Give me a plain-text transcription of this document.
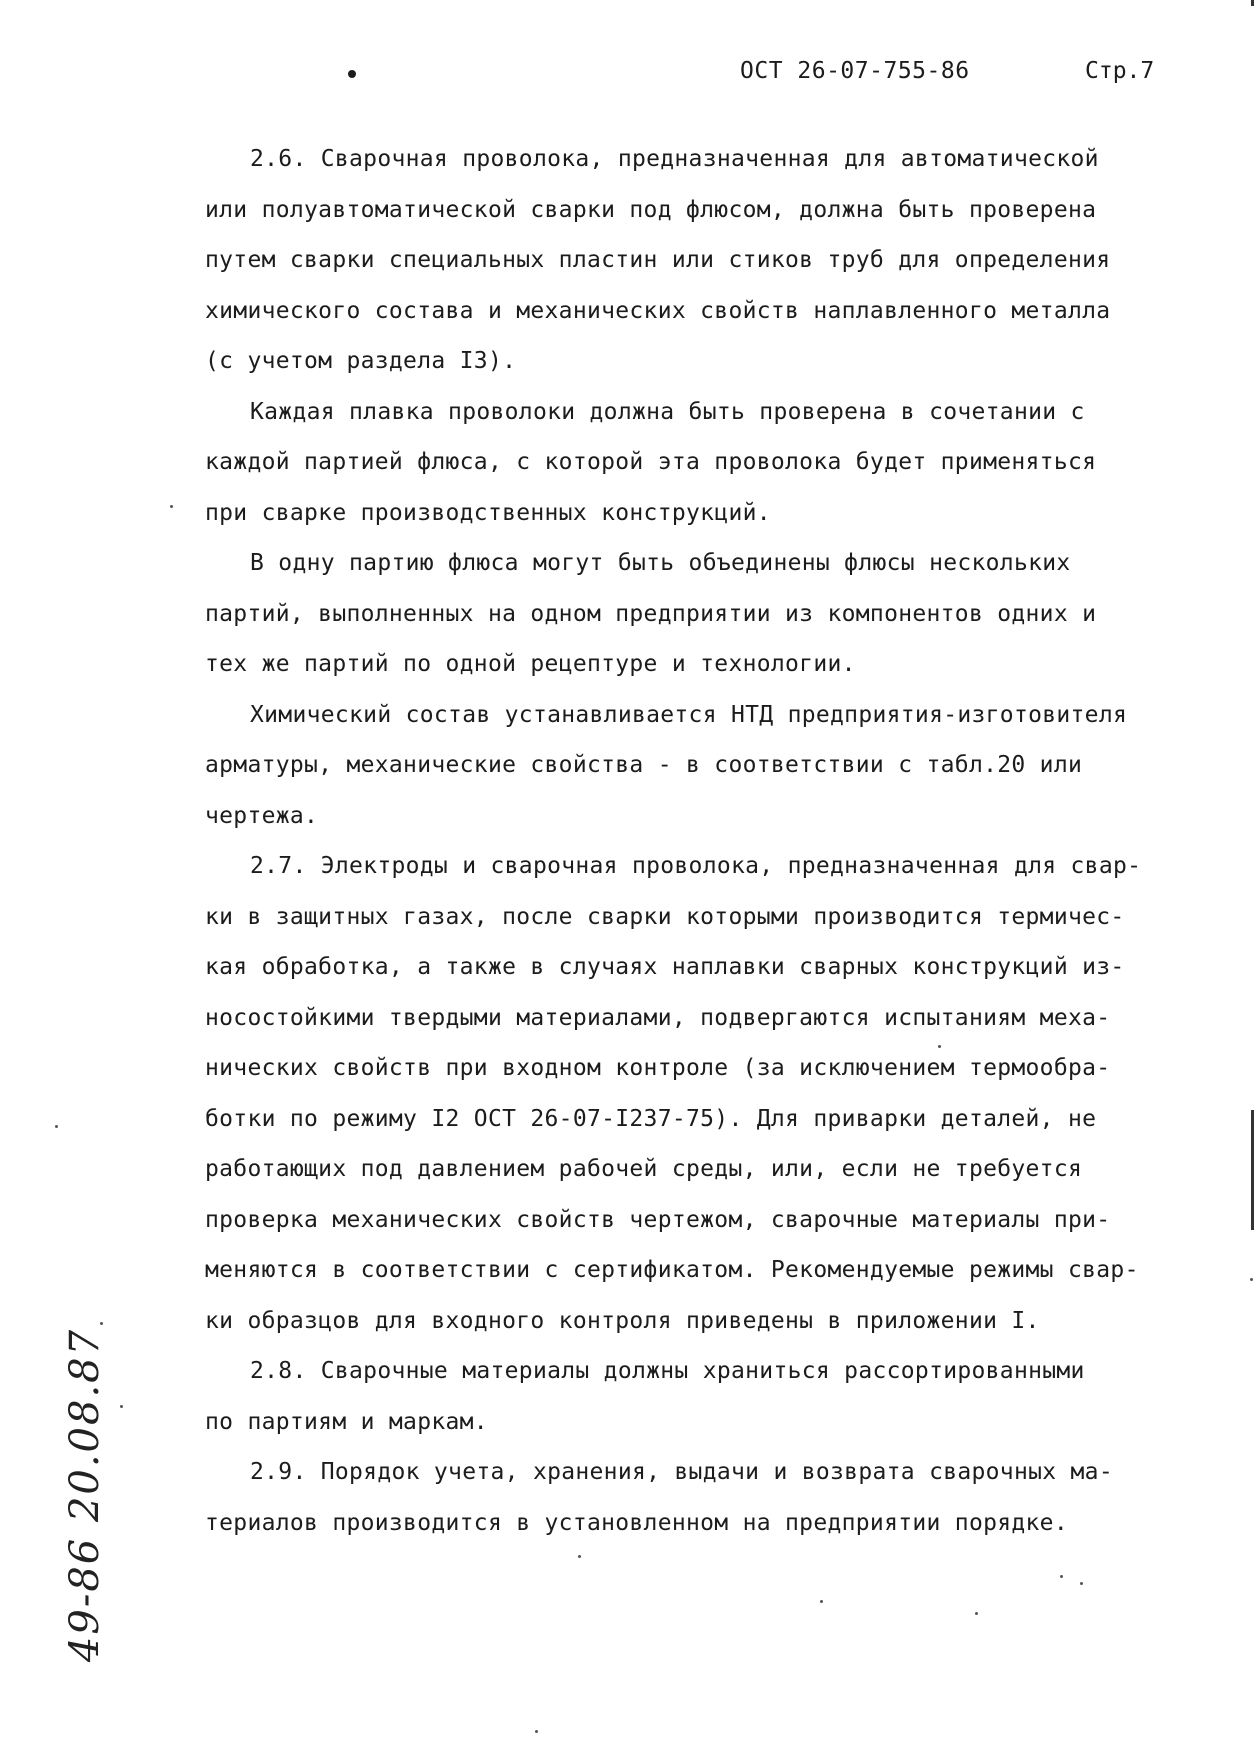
ОСТ 26-07-755-86	Стр.7

2.6. Сварочная проволока, предназначенная для автоматической
или полуавтоматической сварки под флюсом, должна быть проверена
путем сварки специальных пластин или стиков труб для определения
химического состава и механических свойств наплавленного металла
(с учетом раздела I3).

Каждая плавка проволоки должна быть проверена в сочетании с
каждой партией флюса, с которой эта проволока будет применяться
при сварке производственных конструкций.

В одну партию флюса могут быть объединены флюсы нескольких
партий, выполненных на одном предприятии из компонентов одних и
тех же партий по одной рецептуре и технологии.

Химический состав устанавливается НТД предприятия-изготовителя
арматуры, механические свойства - в соответствии с табл.20 или
чертежа.

2.7. Электроды и сварочная проволока, предназначенная для свар-
ки в защитных газах, после сварки которыми производится термичес-
кая обработка, а также в случаях наплавки сварных конструкций из-
носостойкими твердыми материалами, подвергаются испытаниям меха-
нических свойств при входном контроле (за исключением термообра-
ботки по режиму I2 ОСТ 26-07-I237-75). Для приварки деталей, не
работающих под давлением рабочей среды, или, если не требуется
проверка механических свойств чертежом, сварочные материалы при-
меняются в соответствии с сертификатом. Рекомендуемые режимы свар-
ки образцов для входного контроля приведены в приложении I.

2.8. Сварочные материалы должны храниться рассортированными
по партиям и маркам.

2.9. Порядок учета, хранения, выдачи и возврата сварочных ма-
териалов производится в установленном на предприятии порядке.

49-86 20.08.87
